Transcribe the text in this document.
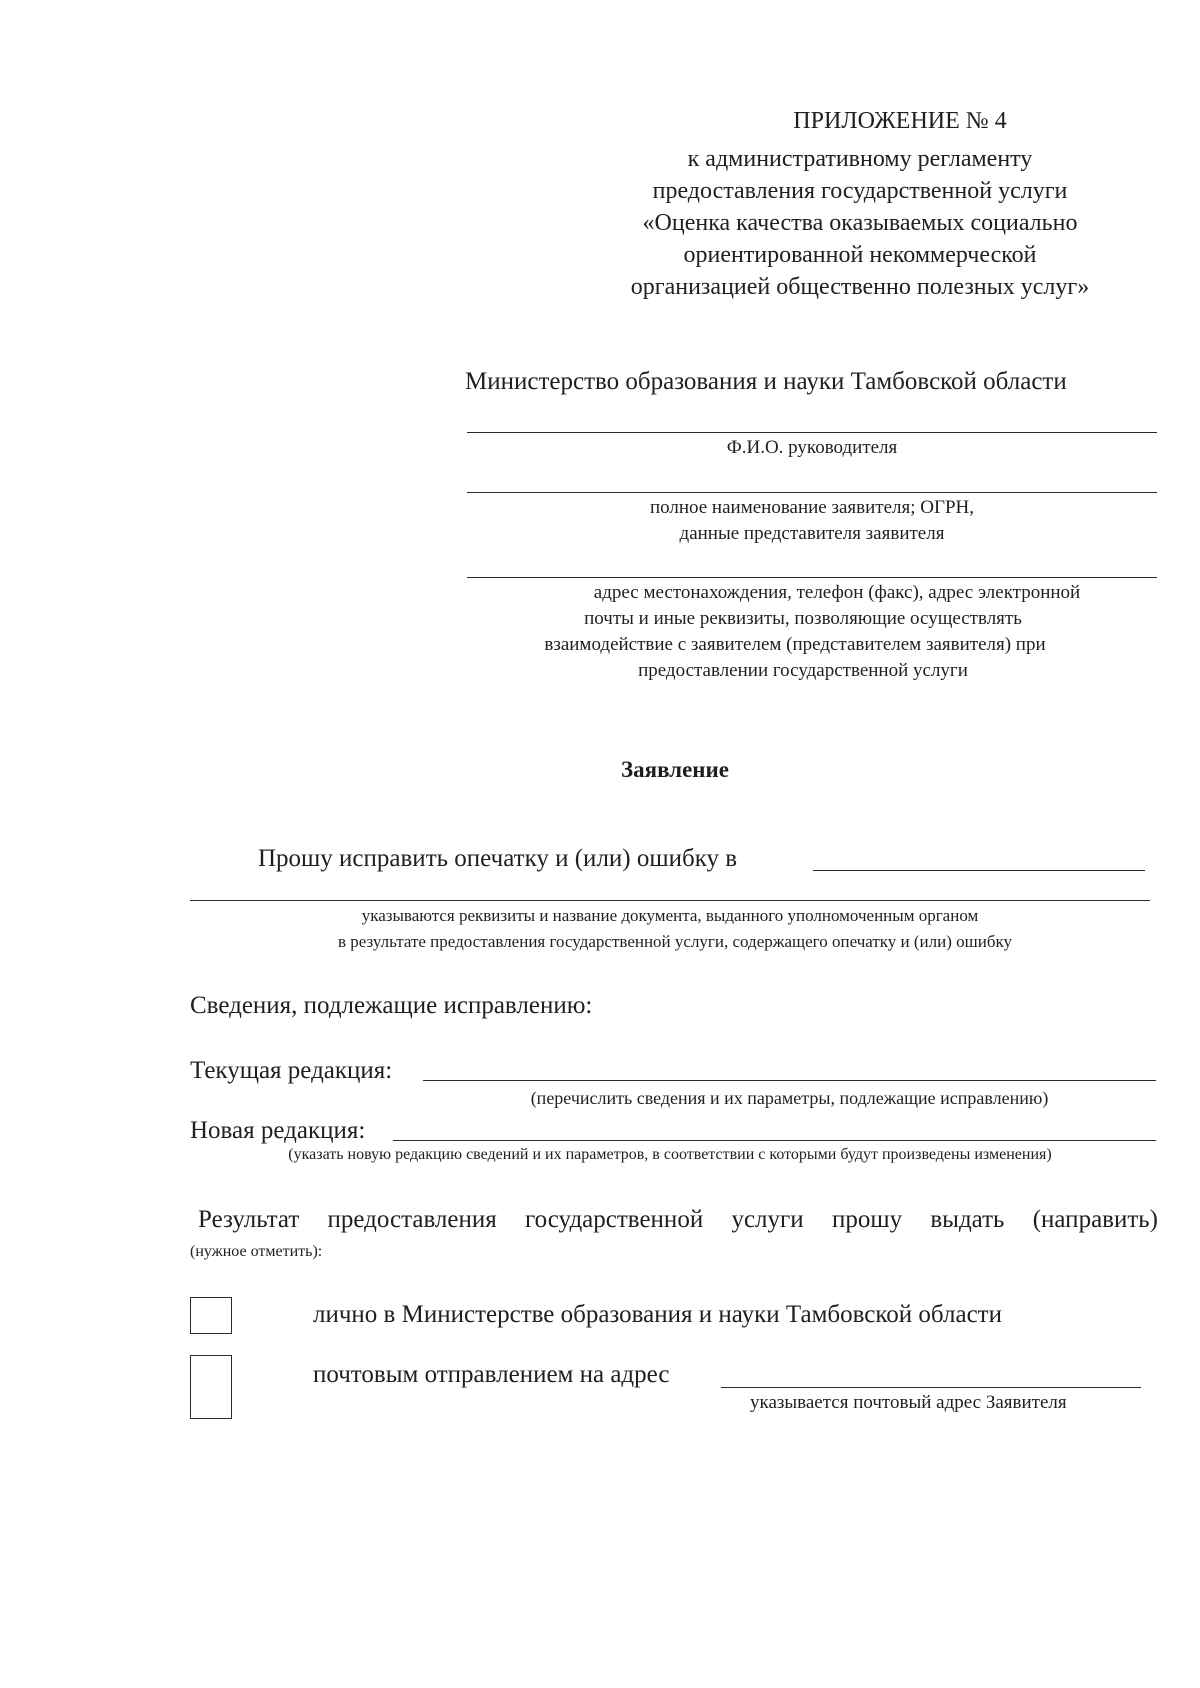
ПРИЛОЖЕНИЕ № 4
к административному регламенту
предоставления государственной услуги
«Оценка качества оказываемых социально
ориентированной некоммерческой
организацией общественно полезных услуг»
Министерство образования и науки Тамбовской области
Ф.И.О. руководителя
полное наименование заявителя; ОГРН,
данные представителя заявителя
адрес местонахождения, телефон (факс), адрес электронной
почты и иные реквизиты, позволяющие осуществлять
взаимодействие с заявителем (представителем заявителя) при
предоставлении государственной услуги
Заявление
Прошу исправить опечатку и (или) ошибку в
указываются реквизиты и название документа, выданного уполномоченным органом
в результате предоставления государственной услуги, содержащего опечатку и (или) ошибку
Сведения, подлежащие исправлению:
Текущая редакция:
(перечислить сведения и их параметры, подлежащие исправлению)
Новая редакция:
(указать новую редакцию сведений и их параметров, в соответствии с которыми будут произведены изменения)
Результат предоставления государственной услуги прошу выдать (направить)
(нужное отметить):
лично в Министерстве образования и науки Тамбовской области
почтовым отправлением на адрес
указывается почтовый адрес Заявителя
